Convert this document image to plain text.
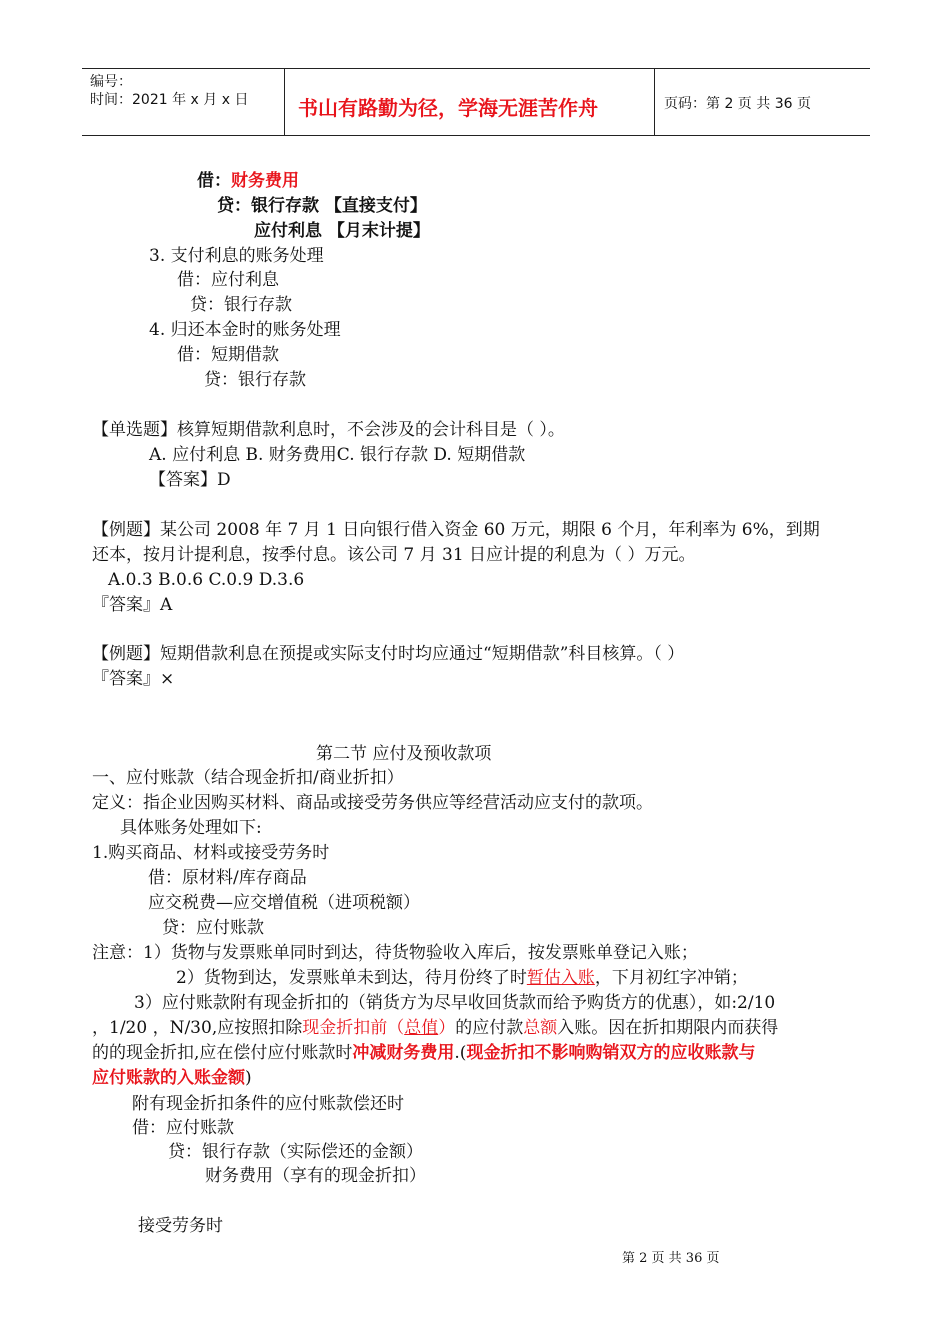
编号：
时间：2021 年 x 月 x 日 书山有路勤为径，学海无涯苦作舟	页码：第 2 页 共 36 页
借：财务费用
贷：银行存款 【直接支付】
应付利息 【月末计提】
3. 支付利息的账务处理
借：应付利息
贷：银行存款
4. 归还本金时的账务处理
借：短期借款
贷：银行存款
【单选题】核算短期借款利息时，不会涉及的会计科目是（ ）。
A. 应付利息 B. 财务费用C. 银行存款 D. 短期借款
【答案】D
【例题】某公司 2008 年 7 月 1 日向银行借入资金 60 万元，期限 6 个月，年利率为 6%，到期
还本，按月计提利息，按季付息。该公司 7 月 31 日应计提的利息为（ ）万元。
A.0.3 B.0.6 C.0.9 D.3.6
『答案』A
【例题】短期借款利息在预提或实际支付时均应通过“短期借款”科目核算。（ ）
『答案』×
第二节 应付及预收款项
一、应付账款（结合现金折扣/商业折扣）
定义：指企业因购买材料、商品或接受劳务供应等经营活动应支付的款项。
具体账务处理如下:
1.购买商品、材料或接受劳务时
借：原材料/库存商品
应交税费—应交增值税（进项税额）
贷：应付账款
注意：1）货物与发票账单同时到达，待货物验收入库后，按发票账单登记入账；
2）货物到达，发票账单未到达，待月份终了时暂估入账，下月初红字冲销；
3）应付账款附有现金折扣的（销货方为尽早收回货款而给予购货方的优惠），如:2/10
，1/20 ，N/30,应按照扣除现金折扣前（总值）的应付款总额入账。因在折扣期限内而获得
的的现金折扣,应在偿付应付账款时冲减财务费用.(现金折扣不影响购销双方的应收账款与
应付账款的入账金额)
附有现金折扣条件的应付账款偿还时
借：应付账款
贷：银行存款（实际偿还的金额）
财务费用（享有的现金折扣）
接受劳务时
第 2 页 共 36 页
